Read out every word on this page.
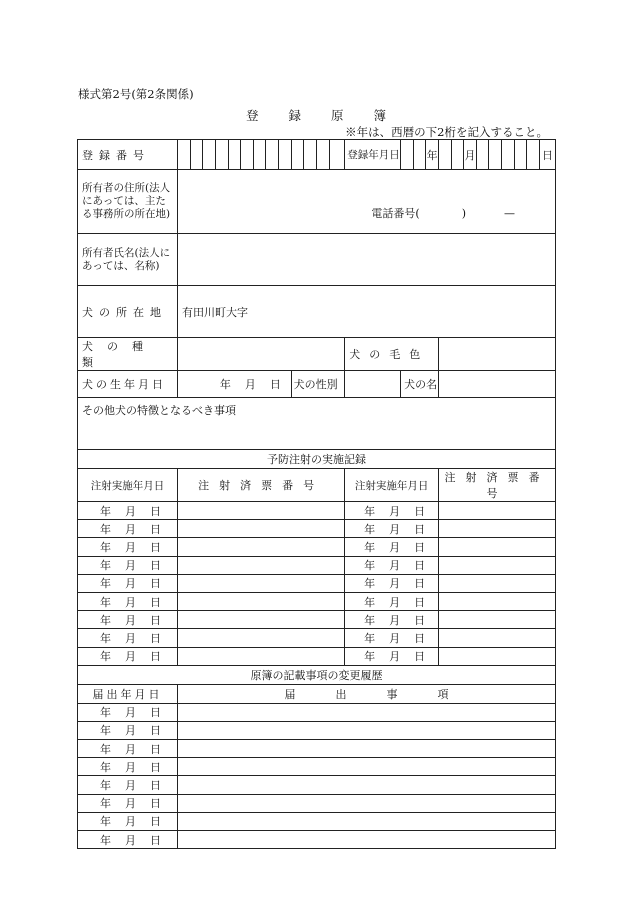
様式第2号(第2条関係)
登録原簿
※年は、西暦の下2桁を記入すること。
登録番号														登録年月日			年			月						日
所有者の住所(法人にあっては、主たる事務所の所在地)	電話番号( ) —																									

所有者氏名(法人にあっては、名称)																										
犬の所在地	有田川町大字																									
犬の種類														犬の毛色												
犬の生年月日	年 月 日									犬の性別					犬の名											
その他犬の特徴となるべき事項																										
予防注射の実施記録																										
注射実施年月日	注射済票番号													注射実施年月日				注射済票番号								
年 月 日														年 月 日												
年 月 日														年 月 日												
年 月 日														年 月 日												
年 月 日														年 月 日												
年 月 日														年 月 日												
年 月 日														年 月 日												
年 月 日														年 月 日												
年 月 日														年 月 日												
年 月 日														年 月 日												
原簿の記載事項の変更履歴																										
届出年月日	届出事項																									
年 月 日																										
年 月 日																										
年 月 日																										
年 月 日																										
年 月 日																										
年 月 日																										
年 月 日																										
年 月 日																										
